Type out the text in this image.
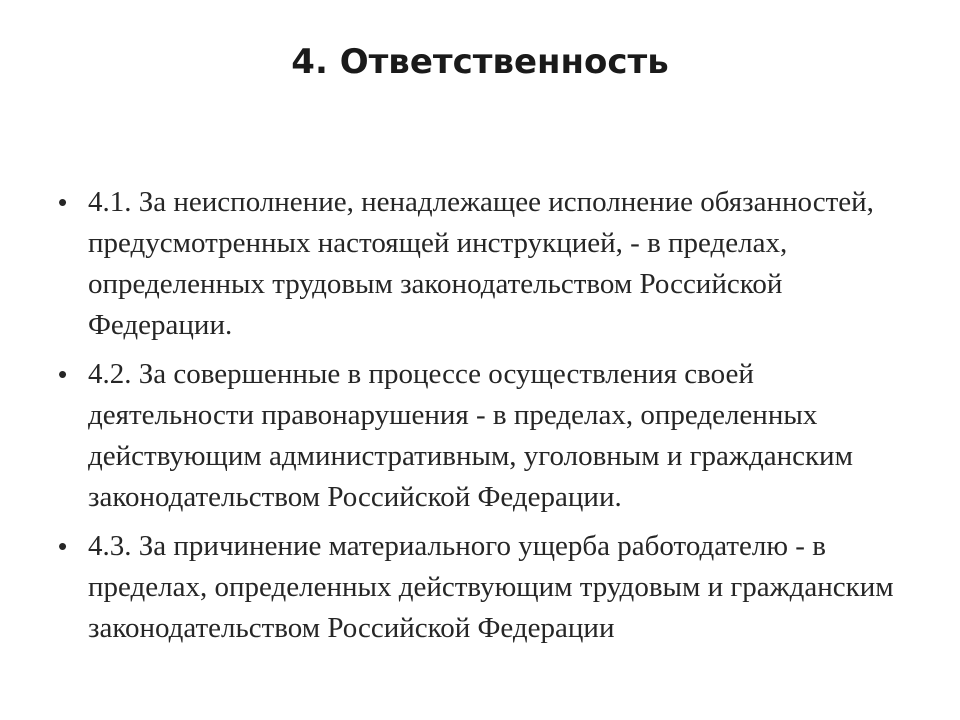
4. Ответственность
• 4.1. За неисполнение, ненадлежащее исполнение обязанностей, предусмотренных настоящей инструкцией, - в пределах, определенных трудовым законодательством Российской Федерации.
• 4.2. За совершенные в процессе осуществления своей деятельности правонарушения - в пределах, определенных действующим административным, уголовным и гражданским законодательством Российской Федерации.
• 4.3. За причинение материального ущерба работодателю - в пределах, определенных действующим трудовым и гражданским законодательством Российской Федерации
